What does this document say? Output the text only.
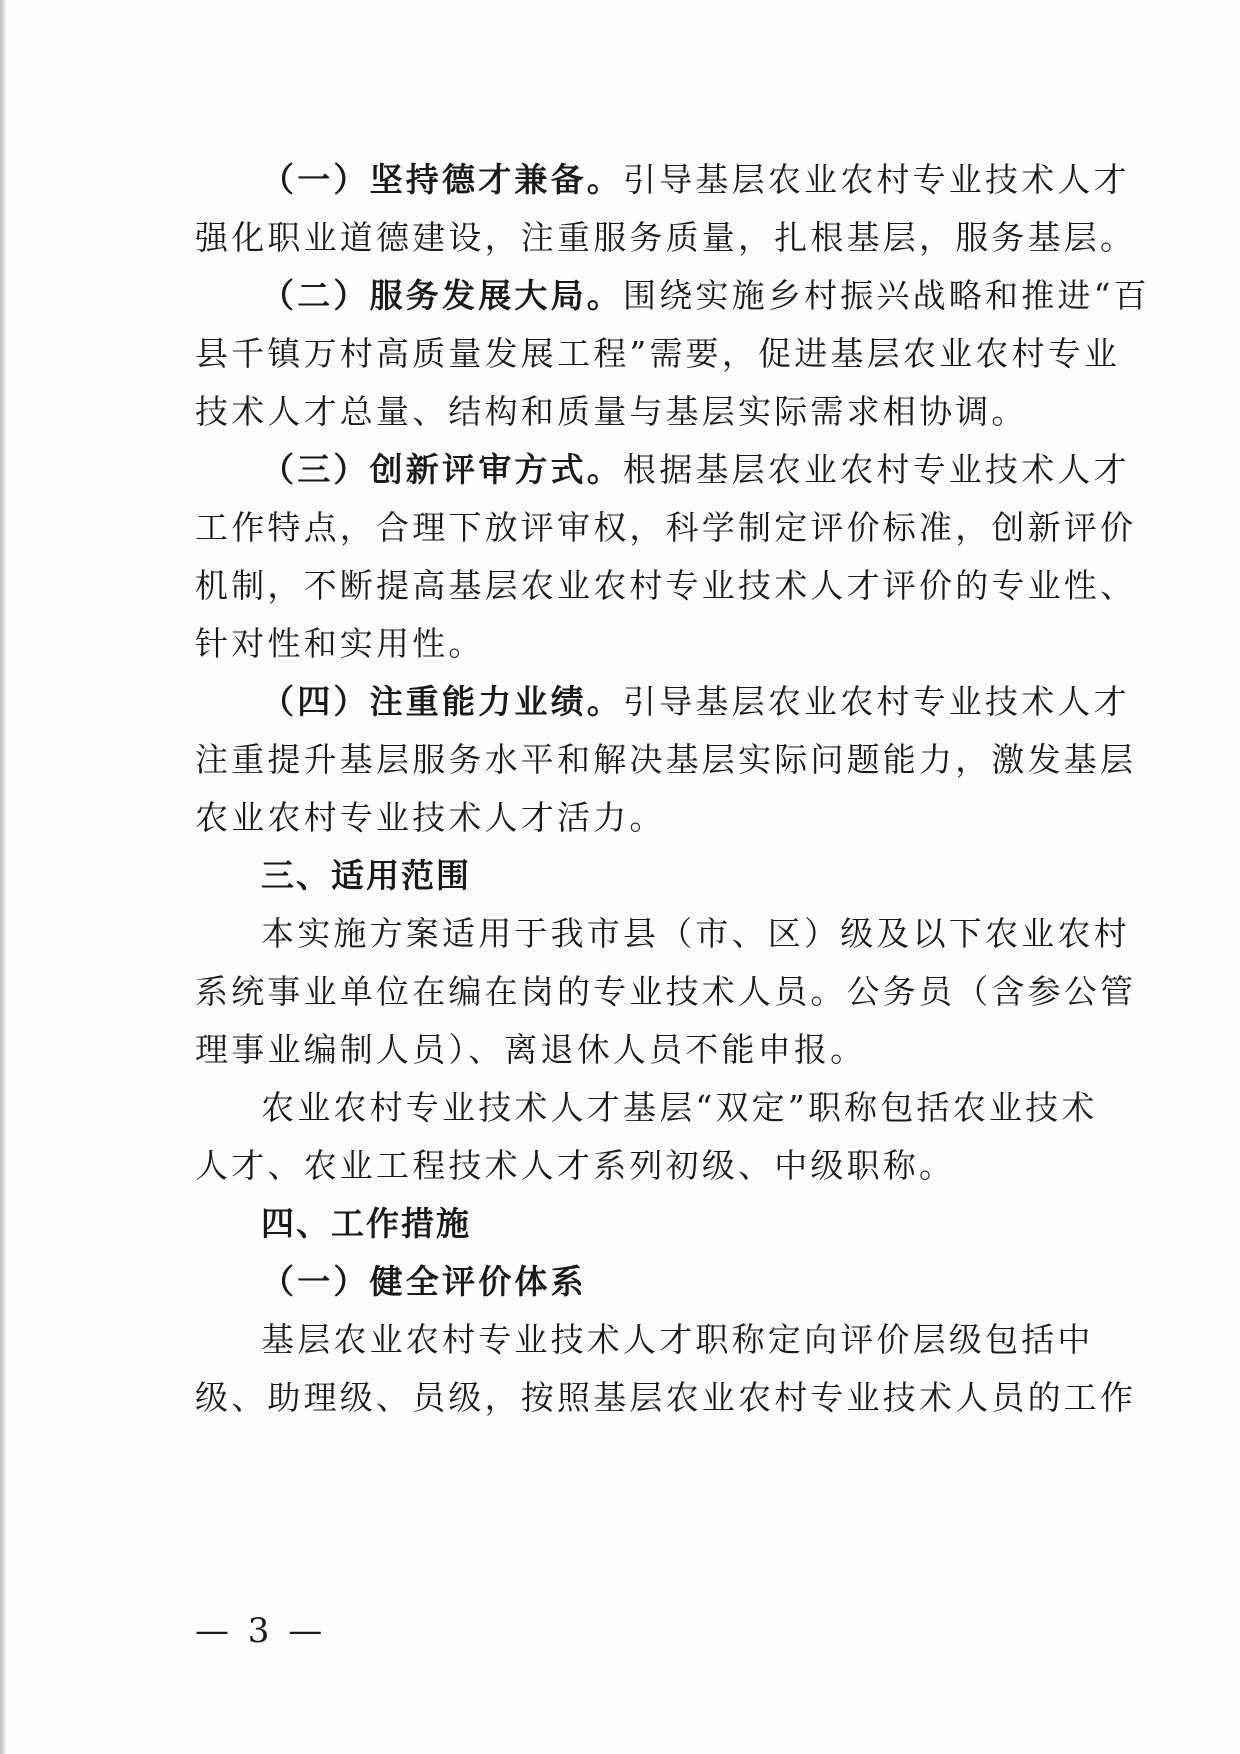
（一）坚持德才兼备。引导基层农业农村专业技术人才
强化职业道德建设，注重服务质量，扎根基层，服务基层。
（二）服务发展大局。围绕实施乡村振兴战略和推进“百
县千镇万村高质量发展工程”需要，促进基层农业农村专业
技术人才总量、结构和质量与基层实际需求相协调。
（三）创新评审方式。根据基层农业农村专业技术人才
工作特点，合理下放评审权，科学制定评价标准，创新评价
机制，不断提高基层农业农村专业技术人才评价的专业性、
针对性和实用性。
（四）注重能力业绩。引导基层农业农村专业技术人才
注重提升基层服务水平和解决基层实际问题能力，激发基层
农业农村专业技术人才活力。
三、适用范围
本实施方案适用于我市县（市、区）级及以下农业农村
系统事业单位在编在岗的专业技术人员。公务员（含参公管
理事业编制人员）、离退休人员不能申报。
农业农村专业技术人才基层“双定”职称包括农业技术
人才、农业工程技术人才系列初级、中级职称。
四、工作措施
（一）健全评价体系
基层农业农村专业技术人才职称定向评价层级包括中
级、助理级、员级，按照基层农业农村专业技术人员的工作
— 3 —
